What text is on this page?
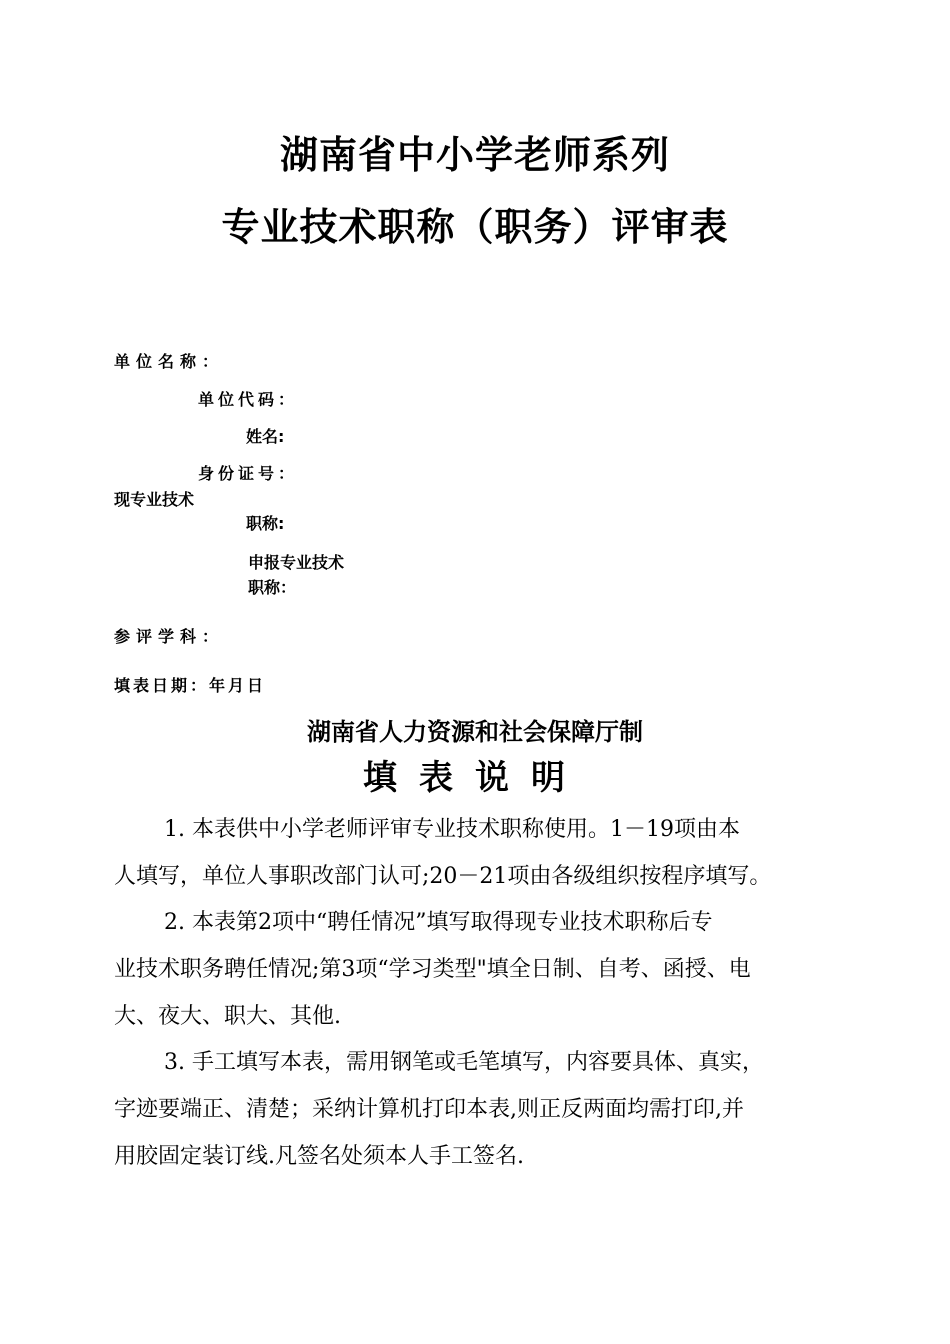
湖南省中小学老师系列
专业技术职称（职务）评审表
单位名称：
单位代码：
姓名:
身份证号：
现专业技术
职称:
申报专业技术
职称：
参评学科：
填表日期：年月日
湖南省人力资源和社会保障厅制
填表说明
1. 本表供中小学老师评审专业技术职称使用。1－19项由本
人填写，单位人事职改部门认可;20－21项由各级组织按程序填写。
2. 本表第2项中“聘任情况”填写取得现专业技术职称后专
业技术职务聘任情况;第3项“学习类型"填全日制、自考、函授、电
大、夜大、职大、其他.
3. 手工填写本表，需用钢笔或毛笔填写，内容要具体、真实，
字迹要端正、清楚；采纳计算机打印本表,则正反两面均需打印,并
用胶固定装订线.凡签名处须本人手工签名.
